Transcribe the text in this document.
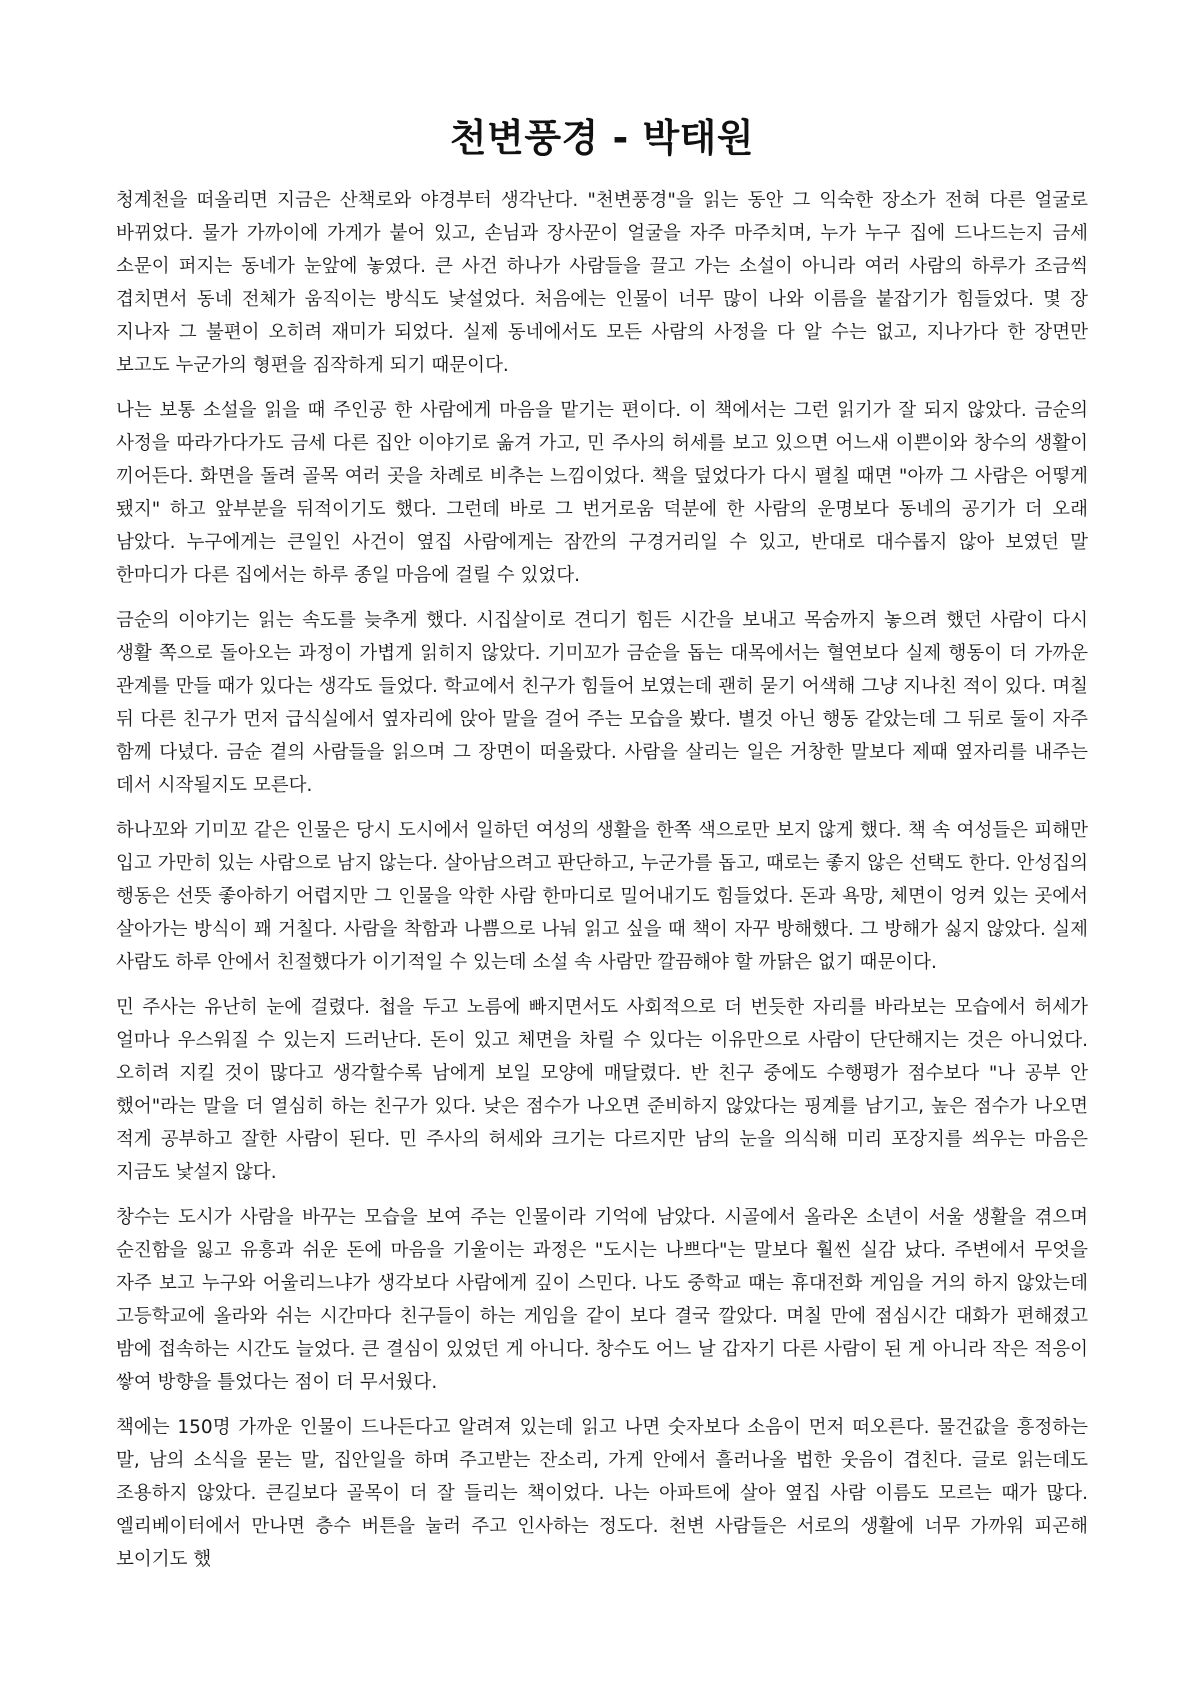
천변풍경 - 박태원

청계천을 떠올리면 지금은 산책로와 야경부터 생각난다. "천변풍경"을 읽는 동안 그 익숙한 장소가 전혀 다른 얼굴로 바뀌었다. 물가 가까이에 가게가 붙어 있고, 손님과 장사꾼이 얼굴을 자주 마주치며, 누가 누구 집에 드나드는지 금세 소문이 퍼지는 동네가 눈앞에 놓였다. 큰 사건 하나가 사람들을 끌고 가는 소설이 아니라 여러 사람의 하루가 조금씩 겹치면서 동네 전체가 움직이는 방식도 낯설었다. 처음에는 인물이 너무 많이 나와 이름을 붙잡기가 힘들었다. 몇 장 지나자 그 불편이 오히려 재미가 되었다. 실제 동네에서도 모든 사람의 사정을 다 알 수는 없고, 지나가다 한 장면만 보고도 누군가의 형편을 짐작하게 되기 때문이다.

나는 보통 소설을 읽을 때 주인공 한 사람에게 마음을 맡기는 편이다. 이 책에서는 그런 읽기가 잘 되지 않았다. 금순의 사정을 따라가다가도 금세 다른 집안 이야기로 옮겨 가고, 민 주사의 허세를 보고 있으면 어느새 이쁜이와 창수의 생활이 끼어든다. 화면을 돌려 골목 여러 곳을 차례로 비추는 느낌이었다. 책을 덮었다가 다시 펼칠 때면 "아까 그 사람은 어떻게 됐지" 하고 앞부분을 뒤적이기도 했다. 그런데 바로 그 번거로움 덕분에 한 사람의 운명보다 동네의 공기가 더 오래 남았다. 누구에게는 큰일인 사건이 옆집 사람에게는 잠깐의 구경거리일 수 있고, 반대로 대수롭지 않아 보였던 말 한마디가 다른 집에서는 하루 종일 마음에 걸릴 수 있었다.

금순의 이야기는 읽는 속도를 늦추게 했다. 시집살이로 견디기 힘든 시간을 보내고 목숨까지 놓으려 했던 사람이 다시 생활 쪽으로 돌아오는 과정이 가볍게 읽히지 않았다. 기미꼬가 금순을 돕는 대목에서는 혈연보다 실제 행동이 더 가까운 관계를 만들 때가 있다는 생각도 들었다. 학교에서 친구가 힘들어 보였는데 괜히 묻기 어색해 그냥 지나친 적이 있다. 며칠 뒤 다른 친구가 먼저 급식실에서 옆자리에 앉아 말을 걸어 주는 모습을 봤다. 별것 아닌 행동 같았는데 그 뒤로 둘이 자주 함께 다녔다. 금순 곁의 사람들을 읽으며 그 장면이 떠올랐다. 사람을 살리는 일은 거창한 말보다 제때 옆자리를 내주는 데서 시작될지도 모른다.

하나꼬와 기미꼬 같은 인물은 당시 도시에서 일하던 여성의 생활을 한쪽 색으로만 보지 않게 했다. 책 속 여성들은 피해만 입고 가만히 있는 사람으로 남지 않는다. 살아남으려고 판단하고, 누군가를 돕고, 때로는 좋지 않은 선택도 한다. 안성집의 행동은 선뜻 좋아하기 어렵지만 그 인물을 악한 사람 한마디로 밀어내기도 힘들었다. 돈과 욕망, 체면이 엉켜 있는 곳에서 살아가는 방식이 꽤 거칠다. 사람을 착함과 나쁨으로 나눠 읽고 싶을 때 책이 자꾸 방해했다. 그 방해가 싫지 않았다. 실제 사람도 하루 안에서 친절했다가 이기적일 수 있는데 소설 속 사람만 깔끔해야 할 까닭은 없기 때문이다.

민 주사는 유난히 눈에 걸렸다. 첩을 두고 노름에 빠지면서도 사회적으로 더 번듯한 자리를 바라보는 모습에서 허세가 얼마나 우스워질 수 있는지 드러난다. 돈이 있고 체면을 차릴 수 있다는 이유만으로 사람이 단단해지는 것은 아니었다. 오히려 지킬 것이 많다고 생각할수록 남에게 보일 모양에 매달렸다. 반 친구 중에도 수행평가 점수보다 "나 공부 안 했어"라는 말을 더 열심히 하는 친구가 있다. 낮은 점수가 나오면 준비하지 않았다는 핑계를 남기고, 높은 점수가 나오면 적게 공부하고 잘한 사람이 된다. 민 주사의 허세와 크기는 다르지만 남의 눈을 의식해 미리 포장지를 씌우는 마음은 지금도 낯설지 않다.

창수는 도시가 사람을 바꾸는 모습을 보여 주는 인물이라 기억에 남았다. 시골에서 올라온 소년이 서울 생활을 겪으며 순진함을 잃고 유흥과 쉬운 돈에 마음을 기울이는 과정은 "도시는 나쁘다"는 말보다 훨씬 실감 났다. 주변에서 무엇을 자주 보고 누구와 어울리느냐가 생각보다 사람에게 깊이 스민다. 나도 중학교 때는 휴대전화 게임을 거의 하지 않았는데 고등학교에 올라와 쉬는 시간마다 친구들이 하는 게임을 같이 보다 결국 깔았다. 며칠 만에 점심시간 대화가 편해졌고 밤에 접속하는 시간도 늘었다. 큰 결심이 있었던 게 아니다. 창수도 어느 날 갑자기 다른 사람이 된 게 아니라 작은 적응이 쌓여 방향을 틀었다는 점이 더 무서웠다.

책에는 150명 가까운 인물이 드나든다고 알려져 있는데 읽고 나면 숫자보다 소음이 먼저 떠오른다. 물건값을 흥정하는 말, 남의 소식을 묻는 말, 집안일을 하며 주고받는 잔소리, 가게 안에서 흘러나올 법한 웃음이 겹친다. 글로 읽는데도 조용하지 않았다. 큰길보다 골목이 더 잘 들리는 책이었다. 나는 아파트에 살아 옆집 사람 이름도 모르는 때가 많다. 엘리베이터에서 만나면 층수 버튼을 눌러 주고 인사하는 정도다. 천변 사람들은 서로의 생활에 너무 가까워 피곤해 보이기도 했
